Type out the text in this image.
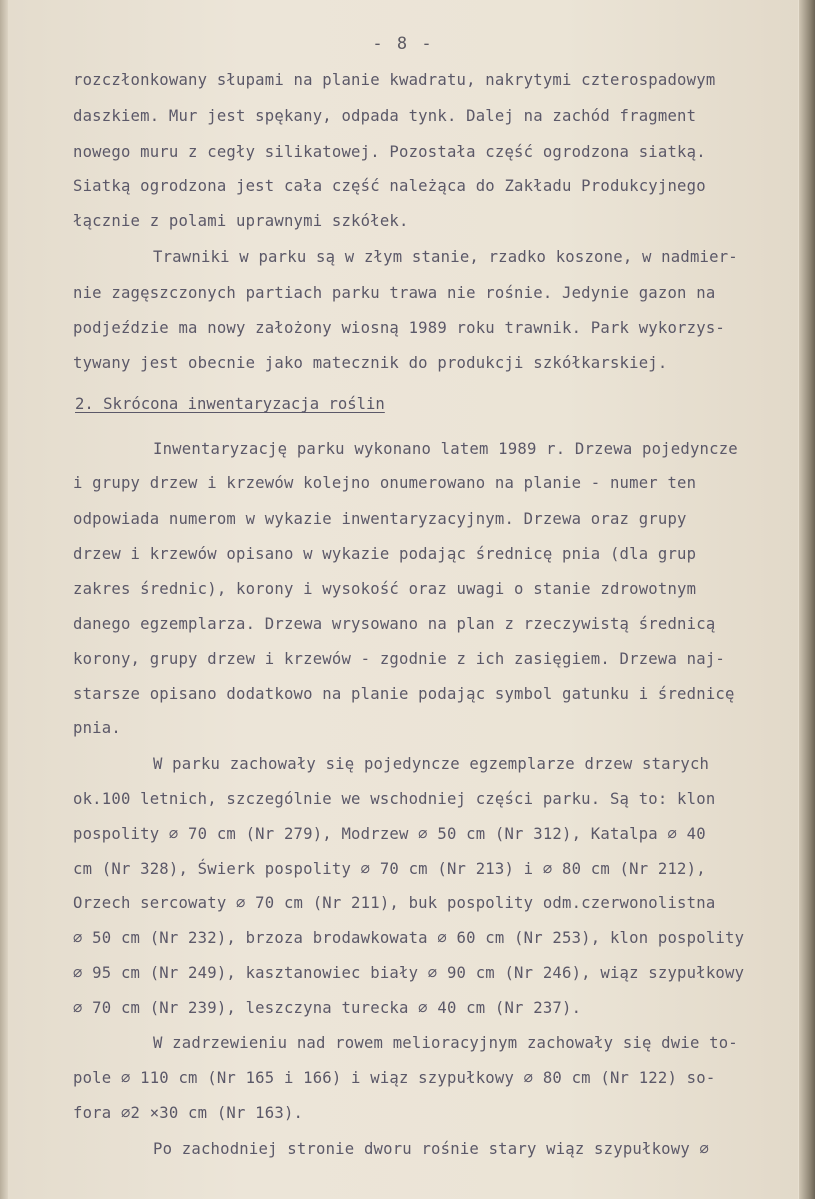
- 8 -
rozczłonkowany słupami na planie kwadratu, nakrytymi czterospadowym
daszkiem. Mur jest spękany, odpada tynk. Dalej na zachód fragment
nowego muru z cegły silikatowej. Pozostała część ogrodzona siatką.
Siatką ogrodzona jest cała część należąca do Zakładu Produkcyjnego
łącznie z polami uprawnymi szkółek.
Trawniki w parku są w złym stanie, rzadko koszone, w nadmier-
nie zagęszczonych partiach parku trawa nie rośnie. Jedynie gazon na
podjeździe ma nowy założony wiosną 1989 roku trawnik. Park wykorzys-
tywany jest obecnie jako matecznik do produkcji szkółkarskiej.
2. Skrócona inwentaryzacja roślin
Inwentaryzację parku wykonano latem 1989 r. Drzewa pojedyncze
i grupy drzew i krzewów kolejno onumerowano na planie - numer ten
odpowiada numerom w wykazie inwentaryzacyjnym. Drzewa oraz grupy
drzew i krzewów opisano w wykazie podając średnicę pnia (dla grup
zakres średnic), korony i wysokość oraz uwagi o stanie zdrowotnym
danego egzemplarza. Drzewa wrysowano na plan z rzeczywistą średnicą
korony, grupy drzew i krzewów - zgodnie z ich zasięgiem. Drzewa naj-
starsze opisano dodatkowo na planie podając symbol gatunku i średnicę
pnia.
W parku zachowały się pojedyncze egzemplarze drzew starych
ok.100 letnich, szczególnie we wschodniej części parku. Są to: klon
pospolity ∅ 70 cm (Nr 279), Modrzew ∅ 50 cm (Nr 312), Katalpa ∅ 40
cm (Nr 328), Świerk pospolity ∅ 70 cm (Nr 213) i ∅ 80 cm (Nr 212),
Orzech sercowaty ∅ 70 cm (Nr 211), buk pospolity odm.czerwonolistna
∅ 50 cm (Nr 232), brzoza brodawkowata ∅ 60 cm (Nr 253), klon pospolity
∅ 95 cm (Nr 249), kasztanowiec biały ∅ 90 cm (Nr 246), wiąz szypułkowy
∅ 70 cm (Nr 239), leszczyna turecka ∅ 40 cm (Nr 237).
W zadrzewieniu nad rowem melioracyjnym zachowały się dwie to-
pole ∅ 110 cm (Nr 165 i 166) i wiąz szypułkowy ∅ 80 cm (Nr 122) so-
fora ∅2 ×30 cm (Nr 163).
Po zachodniej stronie dworu rośnie stary wiąz szypułkowy ∅
